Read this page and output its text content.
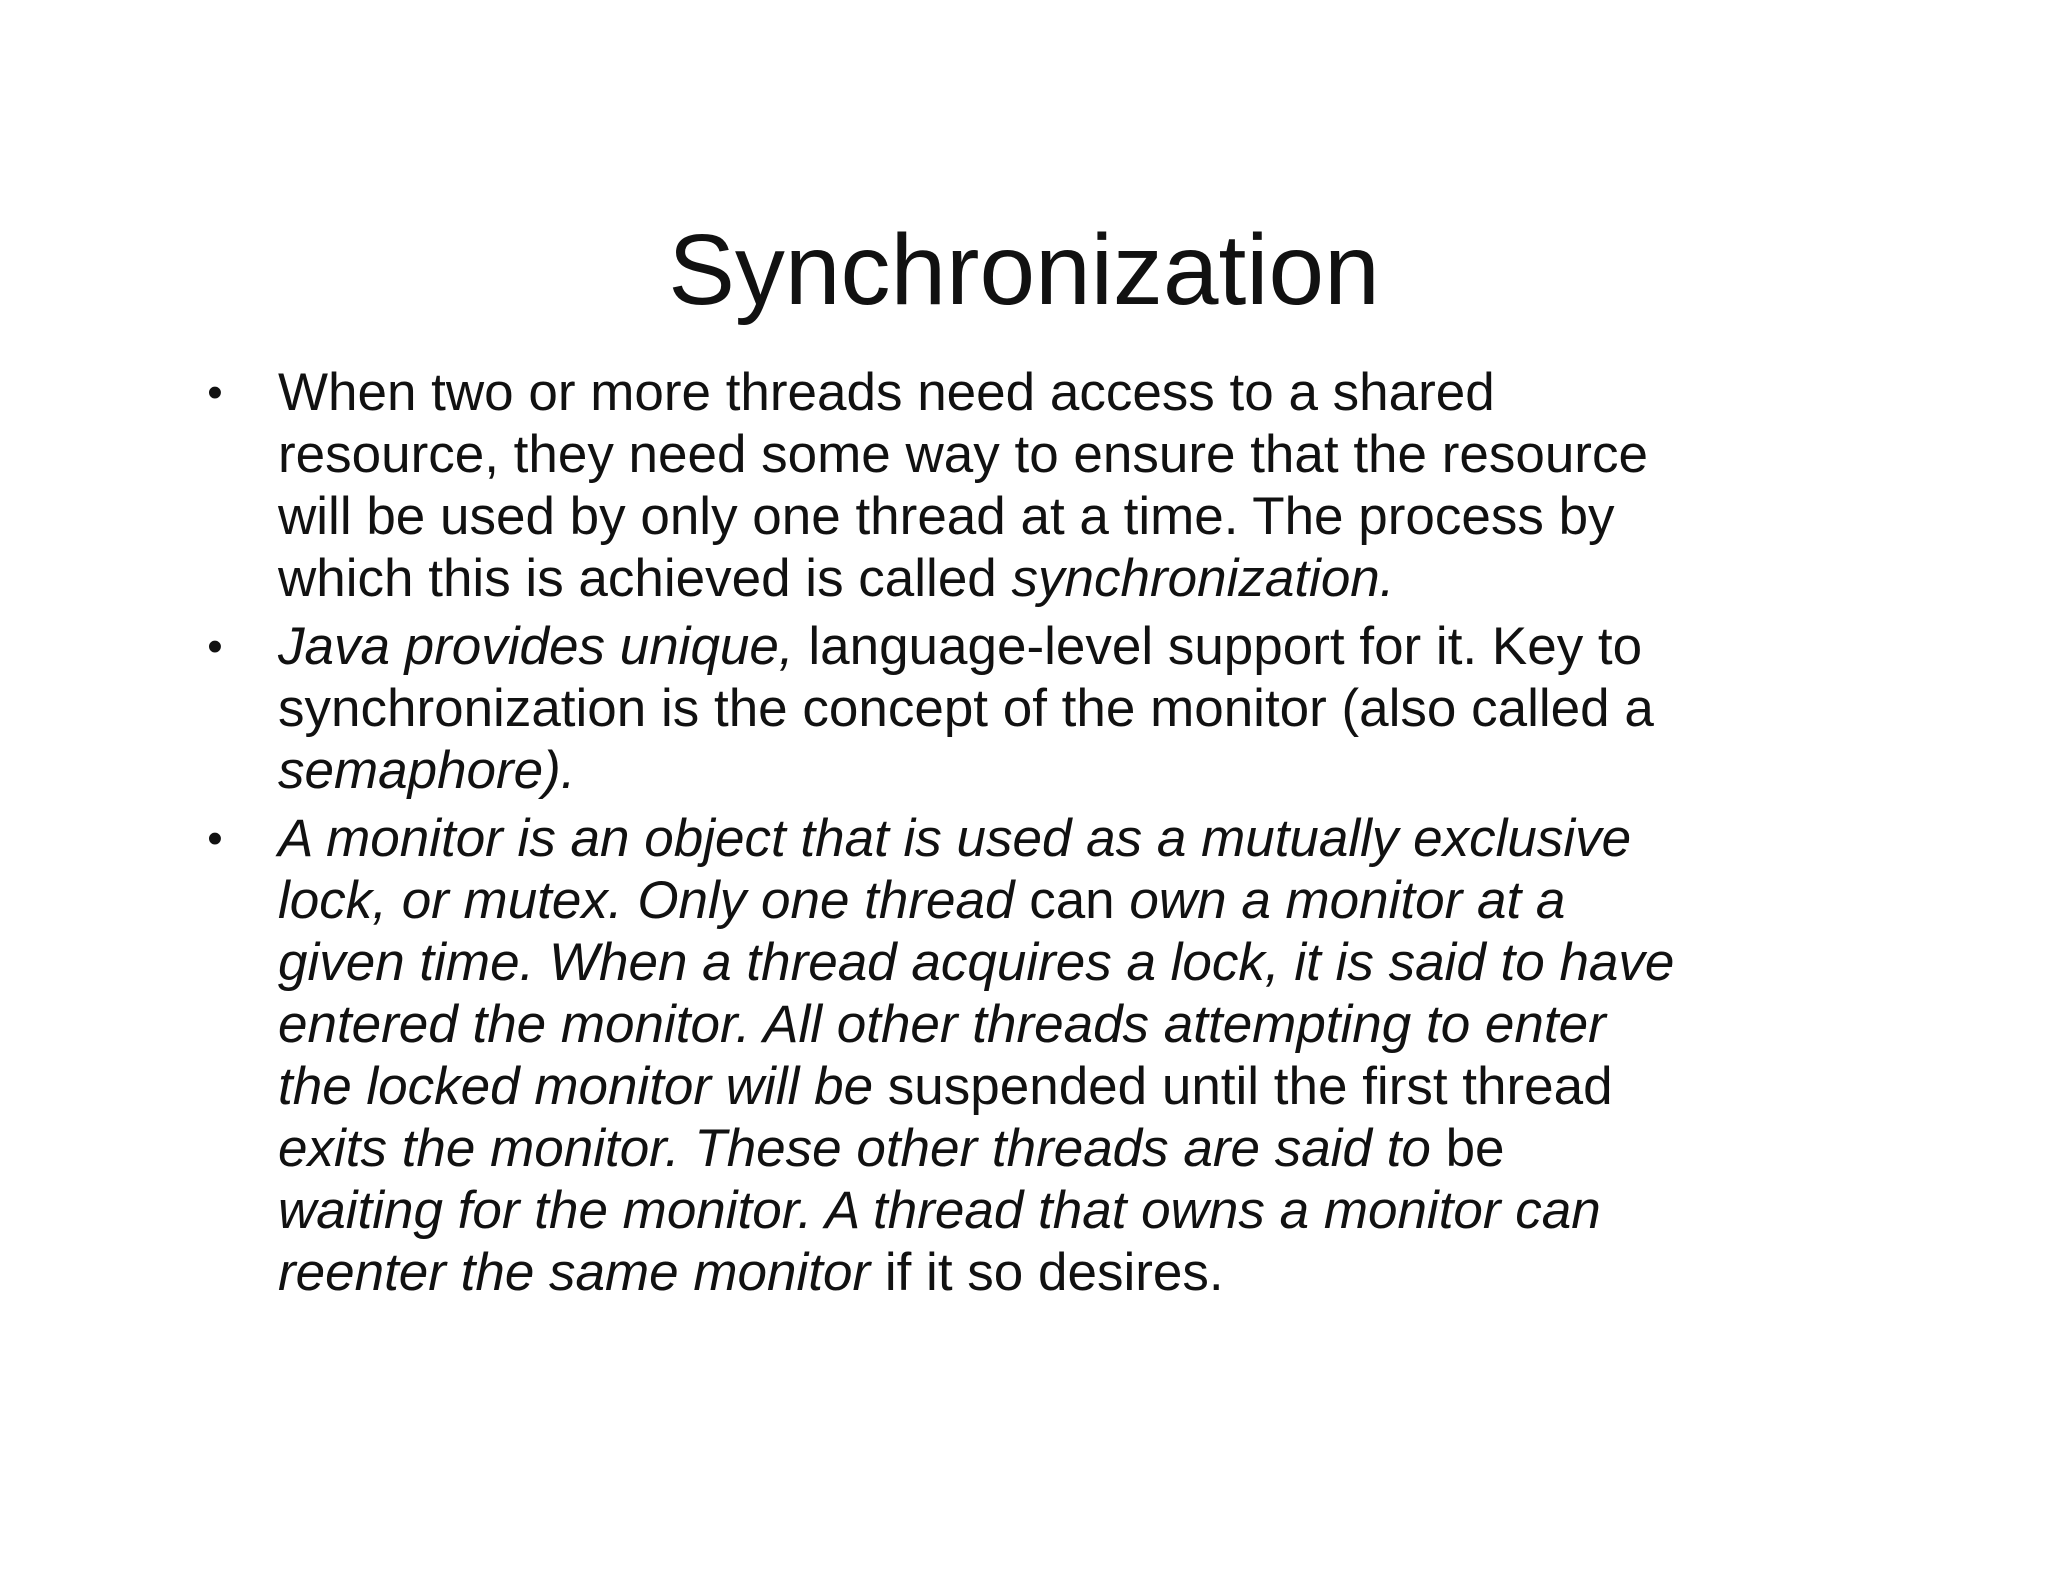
Synchronization
• When two or more threads need access to a shared
resource, they need some way to ensure that the resource
will be used by only one thread at a time. The process by
which this is achieved is called synchronization.
• Java provides unique, language-level support for it. Key to
synchronization is the concept of the monitor (also called a
semaphore).
• A monitor is an object that is used as a mutually exclusive
lock, or mutex. Only one thread can own a monitor at a
given time. When a thread acquires a lock, it is said to have
entered the monitor. All other threads attempting to enter
the locked monitor will be suspended until the first thread
exits the monitor. These other threads are said to be
waiting for the monitor. A thread that owns a monitor can
reenter the same monitor if it so desires.
